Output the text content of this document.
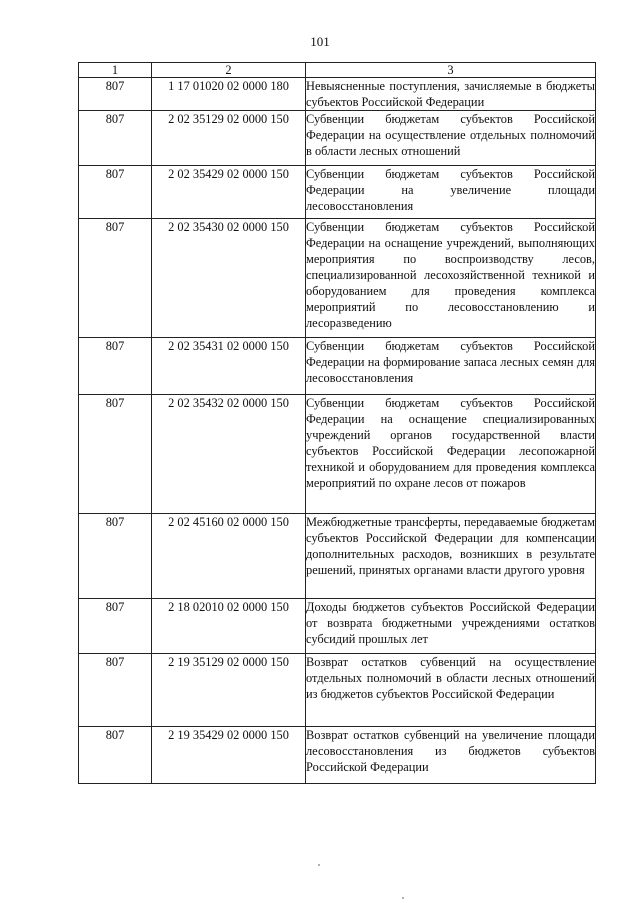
101
1	2	3
807	1 17 01020 02 0000 180	Невыясненные поступления, зачисляемые в бюджеты субъектов Российской Федерации
807	2 02 35129 02 0000 150	Субвенции бюджетам субъектов Российской Федерации на осуществление отдельных полномочий в области лесных отношений
807	2 02 35429 02 0000 150	Субвенции бюджетам субъектов Российской Федерации на увеличение площади лесовосстановления
807	2 02 35430 02 0000 150	Субвенции бюджетам субъектов Российской Федерации на оснащение учреждений, выполняющих мероприятия по воспроизводству лесов, специализированной лесохозяйственной техникой и оборудованием для проведения комплекса мероприятий по лесовосстановлению и лесоразведению
807	2 02 35431 02 0000 150	Субвенции бюджетам субъектов Российской Федерации на формирование запаса лесных семян для лесовосстановления
807	2 02 35432 02 0000 150	Субвенции бюджетам субъектов Российской Федерации на оснащение специализированных учреждений органов государственной власти субъектов Российской Федерации лесопожарной техникой и оборудованием для проведения комплекса мероприятий по охране лесов от пожаров
807	2 02 45160 02 0000 150	Межбюджетные трансферты, передаваемые бюджетам субъектов Российской Федерации для компенсации дополнительных расходов, возникших в результате решений, принятых органами власти другого уровня
807	2 18 02010 02 0000 150	Доходы бюджетов субъектов Российской Федерации от возврата бюджетными учреждениями остатков субсидий прошлых лет
807	2 19 35129 02 0000 150	Возврат остатков субвенций на осуществление отдельных полномочий в области лесных отношений из бюджетов субъектов Российской Федерации
807	2 19 35429 02 0000 150	Возврат остатков субвенций на увеличение площади лесовосстановления из бюджетов субъектов Российской Федерации
